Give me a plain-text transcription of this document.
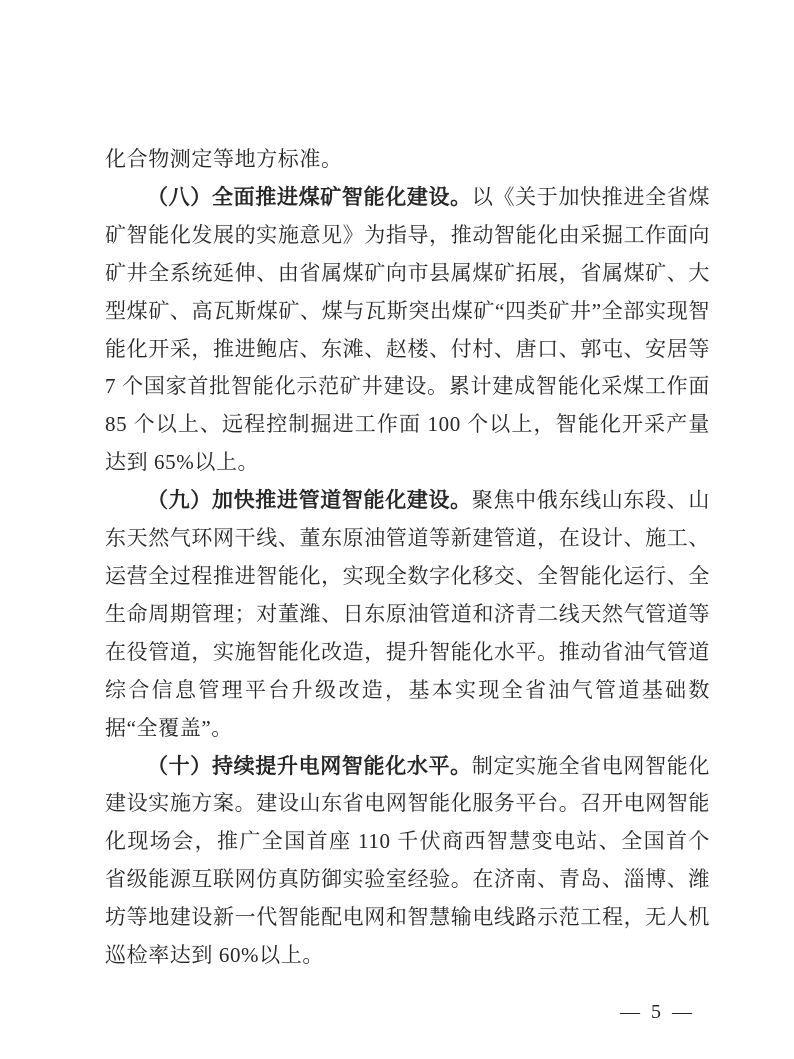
化合物测定等地方标准。

（八）全面推进煤矿智能化建设。以《关于加快推进全省煤矿智能化发展的实施意见》为指导，推动智能化由采掘工作面向矿井全系统延伸、由省属煤矿向市县属煤矿拓展，省属煤矿、大型煤矿、高瓦斯煤矿、煤与瓦斯突出煤矿“四类矿井”全部实现智能化开采，推进鲍店、东滩、赵楼、付村、唐口、郭屯、安居等 7 个国家首批智能化示范矿井建设。累计建成智能化采煤工作面 85 个以上、远程控制掘进工作面 100 个以上，智能化开采产量达到 65%以上。

（九）加快推进管道智能化建设。聚焦中俄东线山东段、山东天然气环网干线、董东原油管道等新建管道，在设计、施工、运营全过程推进智能化，实现全数字化移交、全智能化运行、全生命周期管理；对董潍、日东原油管道和济青二线天然气管道等在役管道，实施智能化改造，提升智能化水平。推动省油气管道综合信息管理平台升级改造，基本实现全省油气管道基础数据“全覆盖”。

（十）持续提升电网智能化水平。制定实施全省电网智能化建设实施方案。建设山东省电网智能化服务平台。召开电网智能化现场会，推广全国首座 110 千伏商西智慧变电站、全国首个省级能源互联网仿真防御实验室经验。在济南、青岛、淄博、潍坊等地建设新一代智能配电网和智慧输电线路示范工程，无人机巡检率达到 60%以上。

— 5 —
